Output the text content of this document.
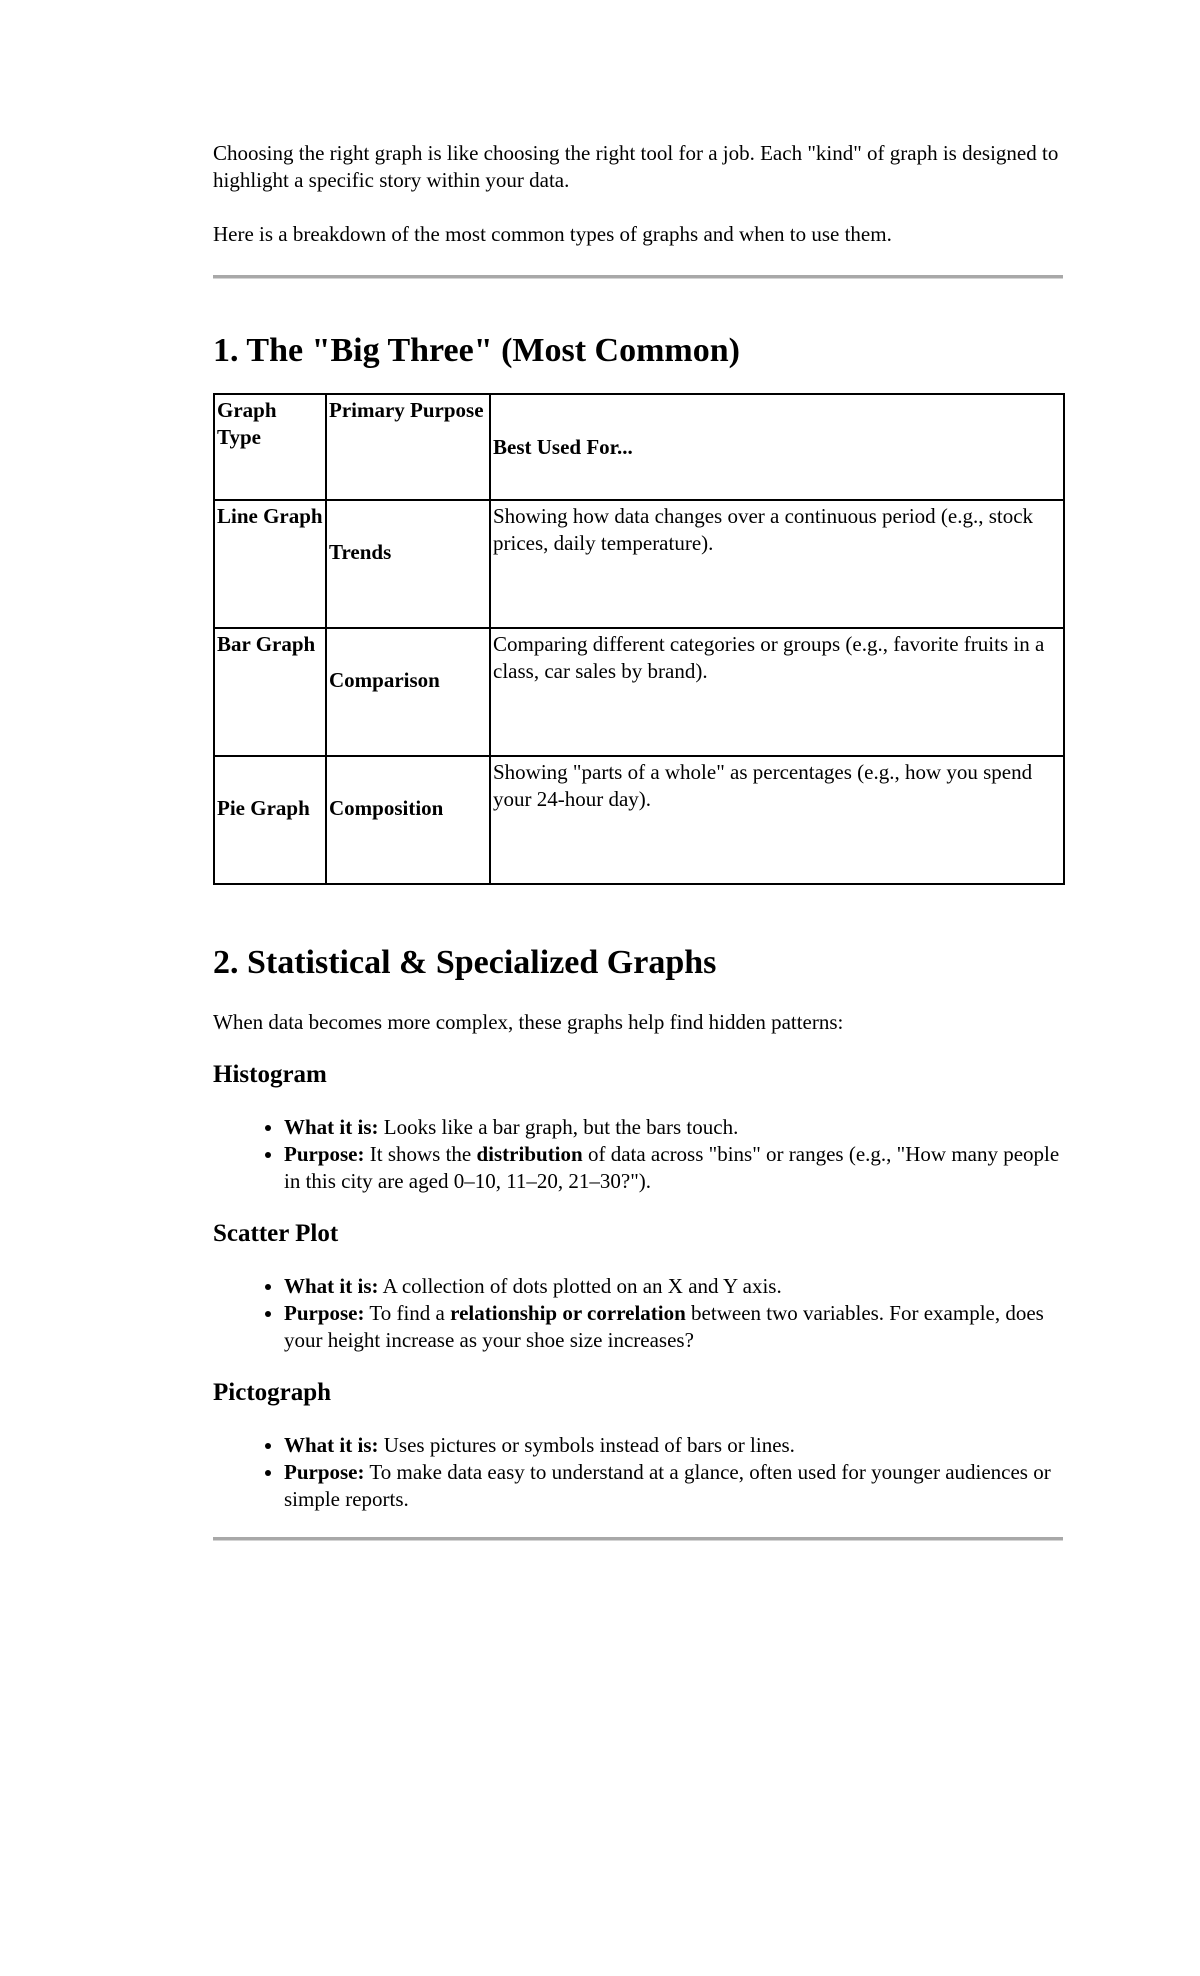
Choosing the right graph is like choosing the right tool for a job. Each "kind" of graph is designed to highlight a specific story within your data.

Here is a breakdown of the most common types of graphs and when to use them.

1. The "Big Three" (Most Common)
Graph Type	Primary Purpose	Best Used For...
Line Graph	Trends	Showing how data changes over a continuous period (e.g., stock prices, daily temperature).
Bar Graph	Comparison	Comparing different categories or groups (e.g., favorite fruits in a class, car sales by brand).
Pie Graph	Composition	Showing "parts of a whole" as percentages (e.g., how you spend your 24-hour day).
2. Statistical & Specialized Graphs

When data becomes more complex, these graphs help find hidden patterns:

Histogram
• What it is: Looks like a bar graph, but the bars touch.
• Purpose: It shows the distribution of data across "bins" or ranges (e.g., "How many people in this city are aged 0–10, 11–20, 21–30?").
Scatter Plot
• What it is: A collection of dots plotted on an X and Y axis.
• Purpose: To find a relationship or correlation between two variables. For example, does your height increase as your shoe size increases?
Pictograph
• What it is: Uses pictures or symbols instead of bars or lines.
• Purpose: To make data easy to understand at a glance, often used for younger audiences or simple reports.
